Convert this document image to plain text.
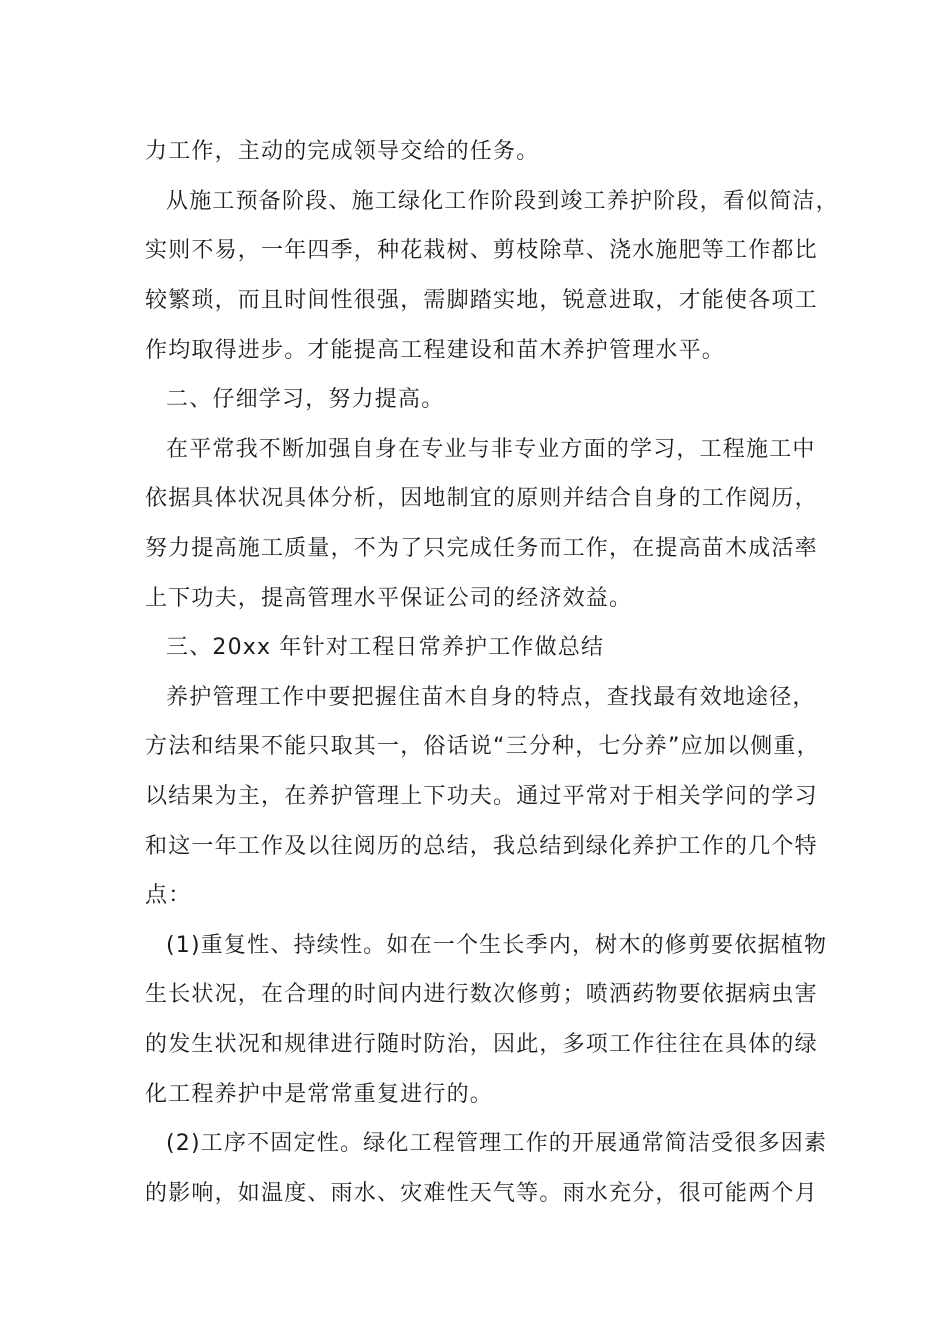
力工作，主动的完成领导交给的任务。
从施工预备阶段、施工绿化工作阶段到竣工养护阶段，看似简洁，
实则不易，一年四季，种花栽树、剪枝除草、浇水施肥等工作都比
较繁琐，而且时间性很强，需脚踏实地，锐意进取，才能使各项工
作均取得进步。才能提高工程建设和苗木养护管理水平。
二、仔细学习，努力提高。
在平常我不断加强自身在专业与非专业方面的学习，工程施工中
依据具体状况具体分析，因地制宜的原则并结合自身的工作阅历，
努力提高施工质量，不为了只完成任务而工作，在提高苗木成活率
上下功夫，提高管理水平保证公司的经济效益。
三、20xx 年针对工程日常养护工作做总结
养护管理工作中要把握住苗木自身的特点，查找最有效地途径，
方法和结果不能只取其一，俗话说“三分种，七分养”应加以侧重，
以结果为主，在养护管理上下功夫。通过平常对于相关学问的学习
和这一年工作及以往阅历的总结，我总结到绿化养护工作的几个特
点：
(1)重复性、持续性。如在一个生长季内，树木的修剪要依据植物
生长状况，在合理的时间内进行数次修剪；喷洒药物要依据病虫害
的发生状况和规律进行随时防治，因此，多项工作往往在具体的绿
化工程养护中是常常重复进行的。
(2)工序不固定性。绿化工程管理工作的开展通常简洁受很多因素
的影响，如温度、雨水、灾难性天气等。雨水充分，很可能两个月
